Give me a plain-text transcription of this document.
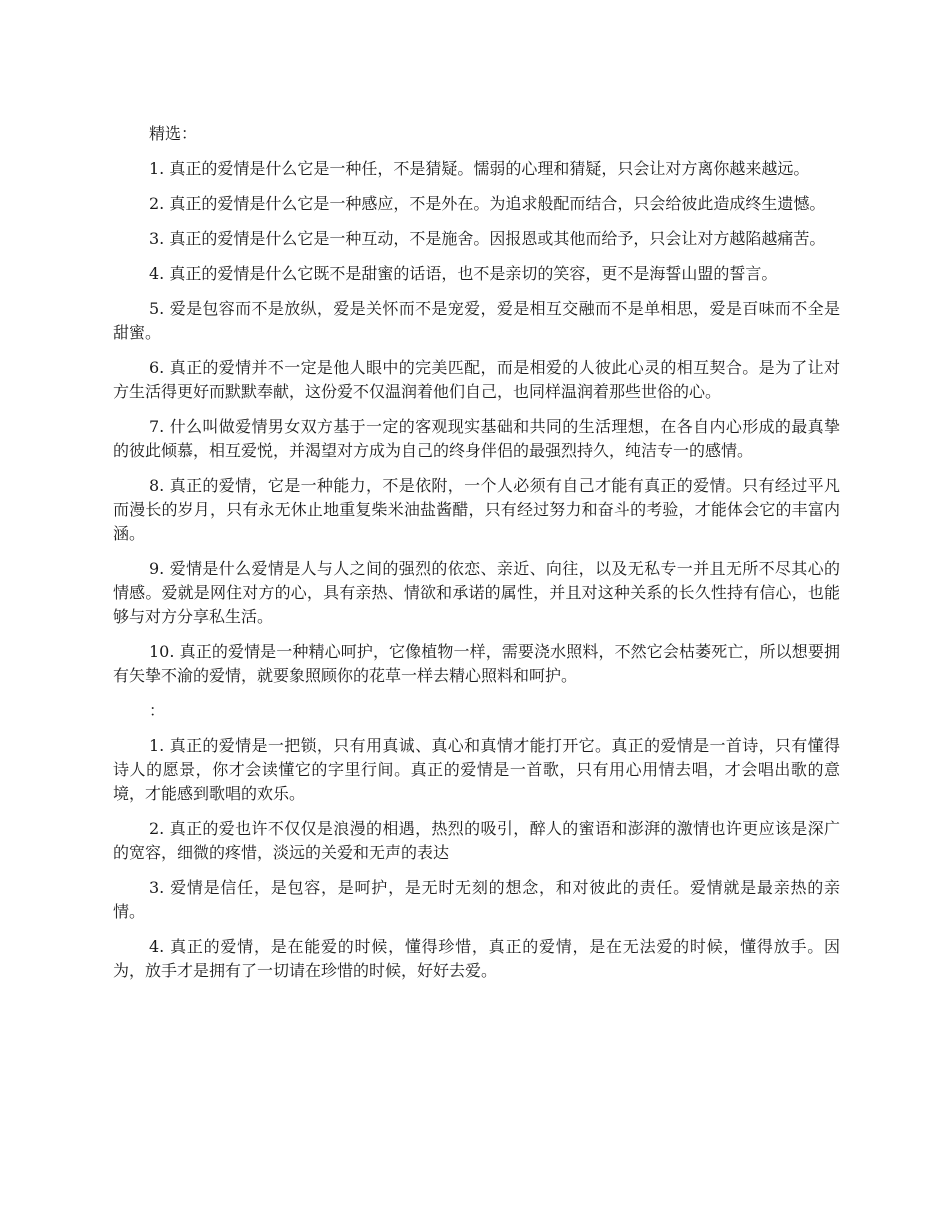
精选：

1. 真正的爱情是什么它是一种任，不是猜疑。懦弱的心理和猜疑，只会让对方离你越来越远。

2. 真正的爱情是什么它是一种感应，不是外在。为追求般配而结合，只会给彼此造成终生遗憾。

3. 真正的爱情是什么它是一种互动，不是施舍。因报恩或其他而给予，只会让对方越陷越痛苦。

4. 真正的爱情是什么它既不是甜蜜的话语，也不是亲切的笑容，更不是海誓山盟的誓言。

5. 爱是包容而不是放纵，爱是关怀而不是宠爱，爱是相互交融而不是单相思，爱是百味而不全是甜蜜。

6. 真正的爱情并不一定是他人眼中的完美匹配，而是相爱的人彼此心灵的相互契合。是为了让对方生活得更好而默默奉献，这份爱不仅温润着他们自己，也同样温润着那些世俗的心。

7. 什么叫做爱情男女双方基于一定的客观现实基础和共同的生活理想，在各自内心形成的最真挚的彼此倾慕，相互爱悦，并渴望对方成为自己的终身伴侣的最强烈持久，纯洁专一的感情。

8. 真正的爱情，它是一种能力，不是依附，一个人必须有自己才能有真正的爱情。只有经过平凡而漫长的岁月，只有永无休止地重复柴米油盐酱醋，只有经过努力和奋斗的考验，才能体会它的丰富内涵。

9. 爱情是什么爱情是人与人之间的强烈的依恋、亲近、向往，以及无私专一并且无所不尽其心的情感。爱就是网住对方的心，具有亲热、情欲和承诺的属性，并且对这种关系的长久性持有信心，也能够与对方分享私生活。

10. 真正的爱情是一种精心呵护，它像植物一样，需要浇水照料，不然它会枯萎死亡，所以想要拥有矢挚不渝的爱情，就要象照顾你的花草一样去精心照料和呵护。

：

1. 真正的爱情是一把锁，只有用真诚、真心和真情才能打开它。真正的爱情是一首诗，只有懂得诗人的愿景，你才会读懂它的字里行间。真正的爱情是一首歌，只有用心用情去唱，才会唱出歌的意境，才能感到歌唱的欢乐。

2. 真正的爱也许不仅仅是浪漫的相遇，热烈的吸引，醉人的蜜语和澎湃的激情也许更应该是深广的宽容，细微的疼惜，淡远的关爱和无声的表达

3. 爱情是信任，是包容，是呵护，是无时无刻的想念，和对彼此的责任。爱情就是最亲热的亲情。

4. 真正的爱情，是在能爱的时候，懂得珍惜，真正的爱情，是在无法爱的时候，懂得放手。因为，放手才是拥有了一切请在珍惜的时候，好好去爱。
